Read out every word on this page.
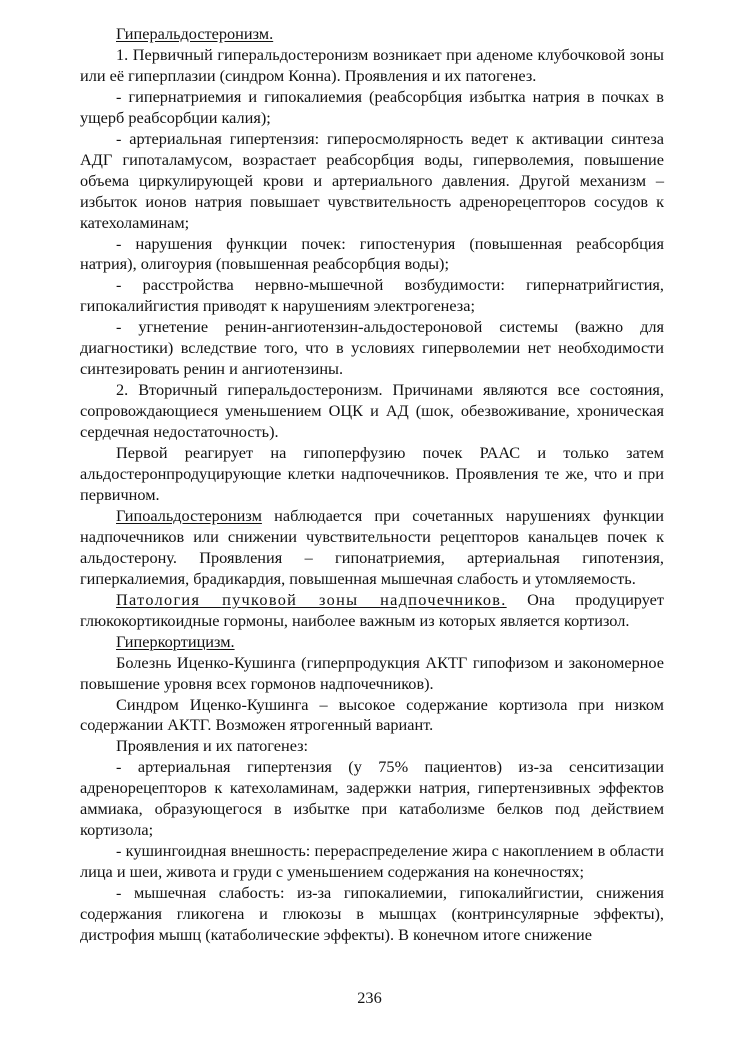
Гиперальдостеронизм.

1. Первичный гиперальдостеронизм возникает при аденоме клубочковой зоны или её гиперплазии (синдром Конна). Проявления и их патогенез.

- гипернатриемия и гипокалиемия (реабсорбция избытка натрия в почках в ущерб реабсорбции калия);

- артериальная гипертензия: гиперосмолярность ведет к активации синтеза АДГ гипоталамусом, возрастает реабсорбция воды, гиперволемия, повышение объема циркулирующей крови и артериального давления. Другой механизм – избыток ионов натрия повышает чувствительность адренорецепторов сосудов к катехоламинам;

- нарушения функции почек: гипостенурия (повышенная реабсорбция натрия), олигоурия (повышенная реабсорбция воды);

- расстройства нервно-мышечной возбудимости: гипернатрийгистия, гипокалийгистия приводят к нарушениям электрогенеза;

- угнетение ренин-ангиотензин-альдостероновой системы (важно для диагностики) вследствие того, что в условиях гиперволемии нет необходимости синтезировать ренин и ангиотензины.

2. Вторичный гиперальдостеронизм. Причинами являются все состояния, сопровождающиеся уменьшением ОЦК и АД (шок, обезвоживание, хроническая сердечная недостаточность).

Первой реагирует на гипоперфузию почек РААС и только затем альдостеронпродуцирующие клетки надпочечников. Проявления те же, что и при первичном.

Гипоальдостеронизм наблюдается при сочетанных нарушениях функции надпочечников или снижении чувствительности рецепторов канальцев почек к альдостерону. Проявления – гипонатриемия, артериальная гипотензия, гиперкалиемия, брадикардия, повышенная мышечная слабость и утомляемость.

Патология пучковой зоны надпочечников. Она продуцирует глюкокортикоидные гормоны, наиболее важным из которых является кортизол.

Гиперкортицизм.

Болезнь Иценко-Кушинга (гиперпродукция АКТГ гипофизом и закономерное повышение уровня всех гормонов надпочечников).

Синдром Иценко-Кушинга – высокое содержание кортизола при низком содержании АКТГ. Возможен ятрогенный вариант.

Проявления и их патогенез:

- артериальная гипертензия (у 75% пациентов) из-за сенситизации адренорецепторов к катехоламинам, задержки натрия, гипертензивных эффектов аммиака, образующегося в избытке при катаболизме белков под действием кортизола;

- кушингоидная внешность: перераспределение жира с накоплением в области лица и шеи, живота и груди с уменьшением содержания на конечностях;

- мышечная слабость: из-за гипокалиемии, гипокалийгистии, снижения содержания гликогена и глюкозы в мышцах (контринсулярные эффекты), дистрофия мышц (катаболические эффекты). В конечном итоге снижение

236
